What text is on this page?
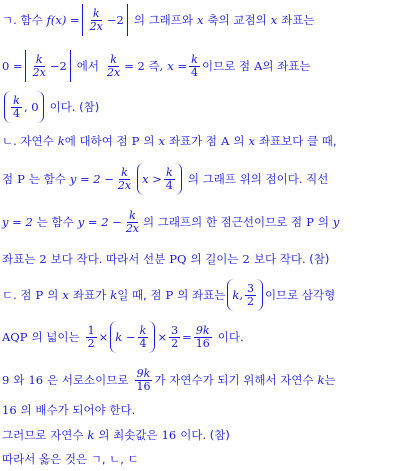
ㄱ. 함수 $f(x) = \frac{k}{2x} -2$ 의 그래프와 x 축의 교점의 x 좌표는
$0 = \frac{k}{2x} -2$ 에서 $\frac{k}{2x} = 2$ 즉, $x = \frac{k}{4}$ 이므로 점 A 의 좌표는
$\frac{k}{4}$ , 0 이다. (참)
ㄴ. 자연수 k 에 대하여 점 P 의 x 좌표가 점 A 의 x 좌표보다 클 때,
점 P 는 함수 $y = 2 - \frac{k}{2x}$ $x > \frac{k}{4}$ 의 그래프 위의 점이다. 직선
y = 2 는 함수 $y = 2 - \frac{k}{2x}$ 의 그래프의 한 점근선이므로 점 P 의 y
좌표는 2 보다 작다. 따라서 선분 PQ 의 길이는 2 보다 작다. (참)
ㄷ. 점 P 의 x 좌표가 k 일 때, 점 P 의 좌표는 k, $\frac{3}{2}$ 이므로 삼각형
AQP 의 넓이는 $\frac{1}{2} \times k - \frac{k}{4} \times \frac{3}{2} = \frac{9k}{16}$ 이다.
9 와 16 은 서로소이므로 $\frac{9k}{16}$ 가 자연수가 되기 위해서 자연수 k 는
16 의 배수가 되어야 한다.
그러므로 자연수 k 의 최솟값은 16 이다. (참)
따라서 옳은 것은 ㄱ, ㄴ, ㄷ
